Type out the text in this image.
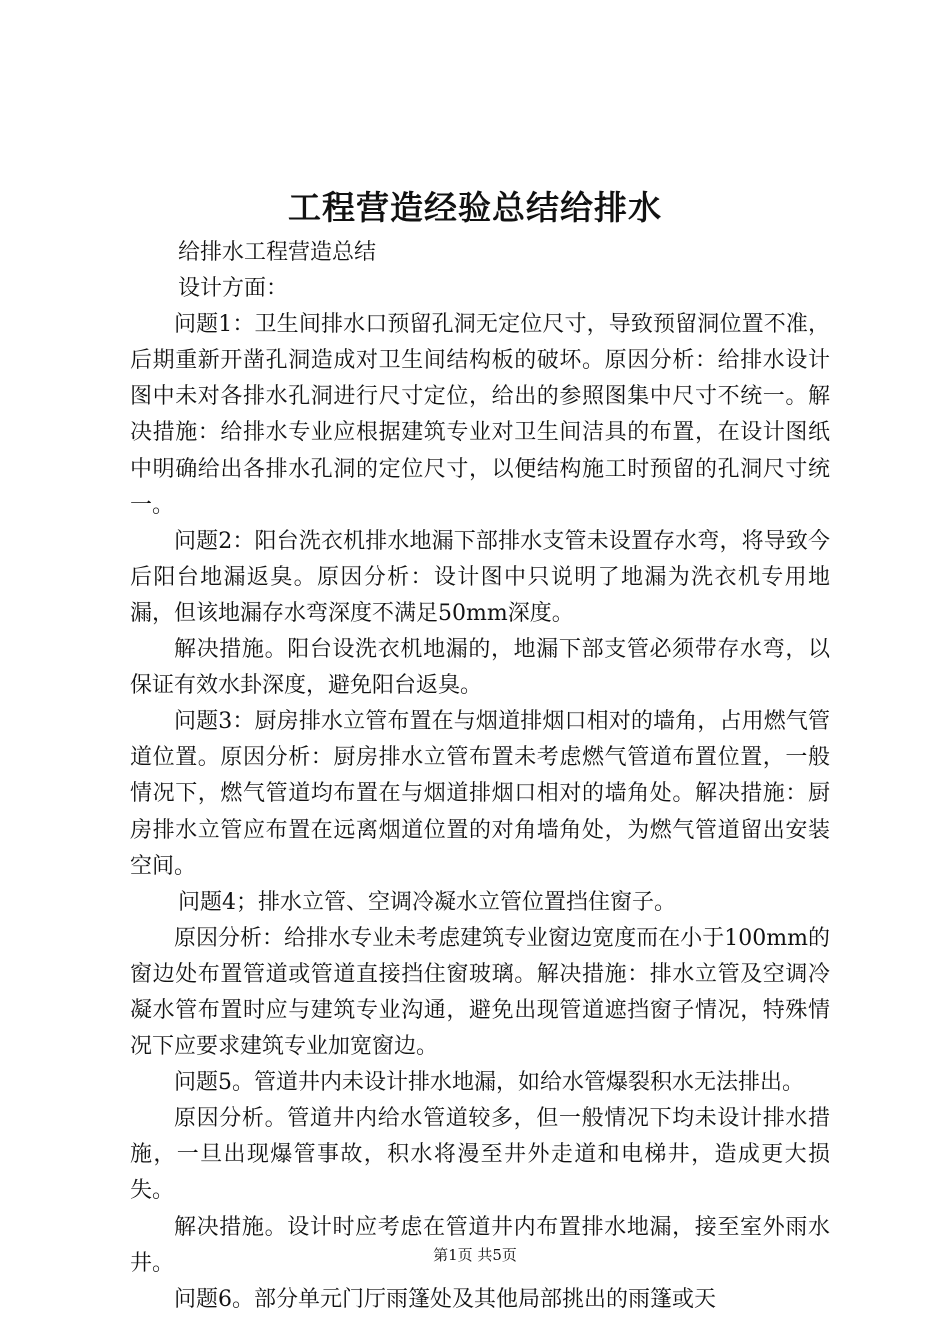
工程营造经验总结给排水

给排水工程营造总结

设计方面：

问题1：卫生间排水口预留孔洞无定位尺寸，导致预留洞位置不准，后期重新开凿孔洞造成对卫生间结构板的破坏。原因分析：给排水设计图中未对各排水孔洞进行尺寸定位，给出的参照图集中尺寸不统一。解决措施：给排水专业应根据建筑专业对卫生间洁具的布置，在设计图纸中明确给出各排水孔洞的定位尺寸，以便结构施工时预留的孔洞尺寸统一。

问题2：阳台洗衣机排水地漏下部排水支管未设置存水弯，将导致今后阳台地漏返臭。原因分析：设计图中只说明了地漏为洗衣机专用地漏，但该地漏存水弯深度不满足50mm深度。

解决措施。阳台设洗衣机地漏的，地漏下部支管必须带存水弯，以保证有效水卦深度，避免阳台返臭。

问题3：厨房排水立管布置在与烟道排烟口相对的墙角，占用燃气管道位置。原因分析：厨房排水立管布置未考虑燃气管道布置位置，一般情况下，燃气管道均布置在与烟道排烟口相对的墙角处。解决措施：厨房排水立管应布置在远离烟道位置的对角墙角处，为燃气管道留出安装空间。

问题4；排水立管、空调冷凝水立管位置挡住窗子。

原因分析：给排水专业未考虑建筑专业窗边宽度而在小于100mm的窗边处布置管道或管道直接挡住窗玻璃。解决措施：排水立管及空调冷凝水管布置时应与建筑专业沟通，避免出现管道遮挡窗子情况，特殊情况下应要求建筑专业加宽窗边。

问题5。管道井内未设计排水地漏，如给水管爆裂积水无法排出。

原因分析。管道井内给水管道较多，但一般情况下均未设计排水措施，一旦出现爆管事故，积水将漫至井外走道和电梯井，造成更大损失。

解决措施。设计时应考虑在管道井内布置排水地漏，接至室外雨水井。

问题6。部分单元门厅雨篷处及其他局部挑出的雨篷或天

第1页 共5页
